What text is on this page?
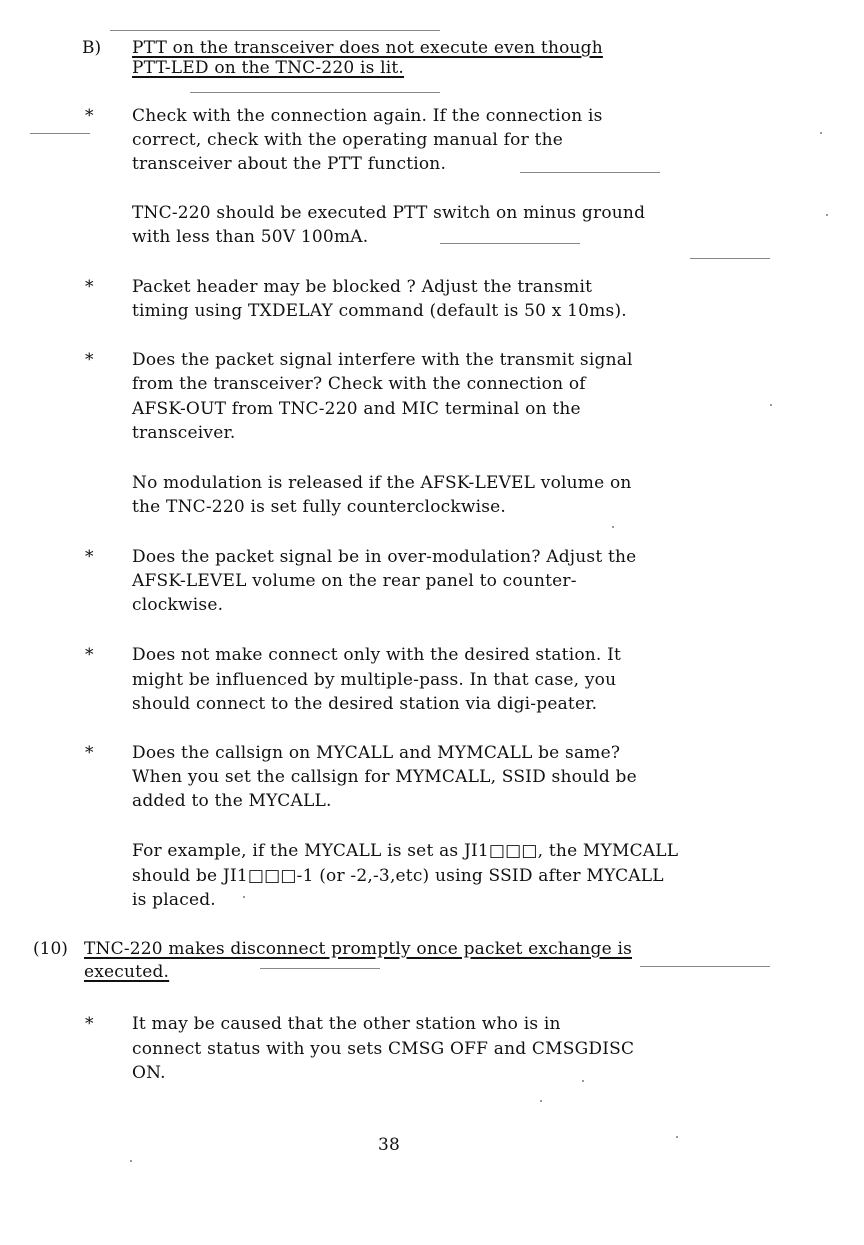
B) PTT on the transceiver does not execute even though
PTT-LED on the TNC-220 is lit.
* Check with the connection again. If the connection is
correct, check with the operating manual for the
transceiver about the PTT function.
TNC-220 should be executed PTT switch on minus ground
with less than 50V 100mA.
* Packet header may be blocked ? Adjust the transmit
timing using TXDELAY command (default is 50 x 10ms).
* Does the packet signal interfere with the transmit signal
from the transceiver? Check with the connection of
AFSK-OUT from TNC-220 and MIC terminal on the
transceiver.
No modulation is released if the AFSK-LEVEL volume on
the TNC-220 is set fully counterclockwise.
* Does the packet signal be in over-modulation? Adjust the
AFSK-LEVEL volume on the rear panel to counter-
clockwise.
* Does not make connect only with the desired station. It
might be influenced by multiple-pass. In that case, you
should connect to the desired station via digi-peater.
* Does the callsign on MYCALL and MYMCALL be same?
When you set the callsign for MYMCALL, SSID should be
added to the MYCALL.
For example, if the MYCALL is set as JI1□□□, the MYMCALL
should be JI1□□□-1 (or -2,-3,etc) using SSID after MYCALL
is placed.
(10) TNC-220 makes disconnect promptly once packet exchange is
executed.
* It may be caused that the other station who is in
connect status with you sets CMSG OFF and CMSGDISC
ON.
38
